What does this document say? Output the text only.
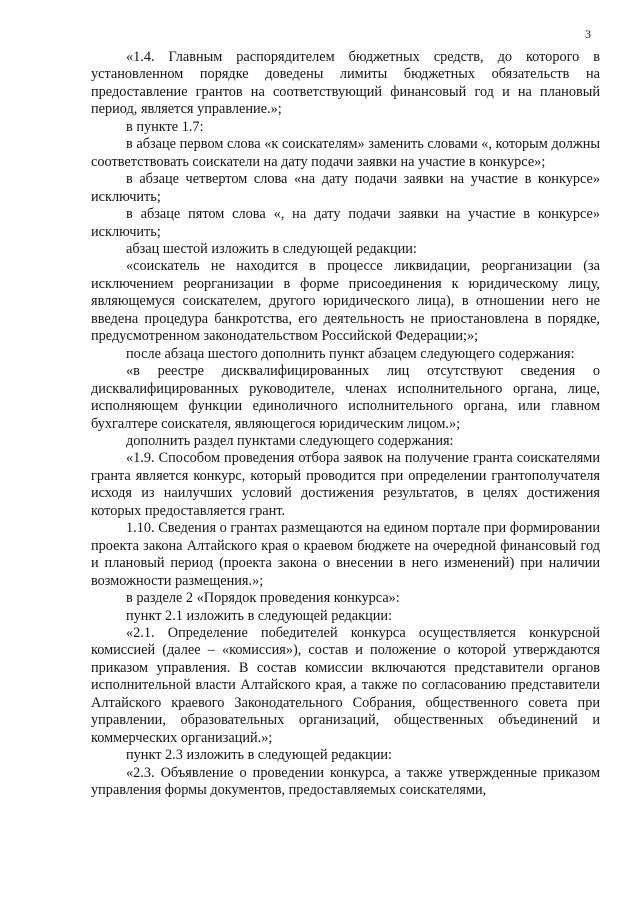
3

«1.4. Главным распорядителем бюджетных средств, до которого в установленном порядке доведены лимиты бюджетных обязательств на предоставление грантов на соответствующий финансовый год и на плановый период, является управление.»;

в пункте 1.7:

в абзаце первом слова «к соискателям» заменить словами «, которым должны соответствовать соискатели на дату подачи заявки на участие в конкурсе»;

в абзаце четвертом слова «на дату подачи заявки на участие в конкурсе» исключить;

в абзаце пятом слова «, на дату подачи заявки на участие в конкурсе» исключить;

абзац шестой изложить в следующей редакции:

«соискатель не находится в процессе ликвидации, реорганизации (за исключением реорганизации в форме присоединения к юридическому лицу, являющемуся соискателем, другого юридического лица), в отношении него не введена процедура банкротства, его деятельность не приостановлена в порядке, предусмотренном законодательством Российской Федерации;»;

после абзаца шестого дополнить пункт абзацем следующего содержания:

«в реестре дисквалифицированных лиц отсутствуют сведения о дисквалифицированных руководителе, членах исполнительного органа, лице, исполняющем функции единоличного исполнительного органа, или главном бухгалтере соискателя, являющегося юридическим лицом.»;

дополнить раздел пунктами следующего содержания:

«1.9. Способом проведения отбора заявок на получение гранта соискателями гранта является конкурс, который проводится при определении грантополучателя исходя из наилучших условий достижения результатов, в целях достижения которых предоставляется грант.

1.10. Сведения о грантах размещаются на едином портале при формировании проекта закона Алтайского края о краевом бюджете на очередной финансовый год и плановый период (проекта закона о внесении в него изменений) при наличии возможности размещения.»;

в разделе 2 «Порядок проведения конкурса»:

пункт 2.1 изложить в следующей редакции:

«2.1. Определение победителей конкурса осуществляется конкурсной комиссией (далее – «комиссия»), состав и положение о которой утверждаются приказом управления. В состав комиссии включаются представители органов исполнительной власти Алтайского края, а также по согласованию представители Алтайского краевого Законодательного Собрания, общественного совета при управлении, образовательных организаций, общественных объединений и коммерческих организаций.»;

пункт 2.3 изложить в следующей редакции:

«2.3. Объявление о проведении конкурса, а также утвержденные приказом управления формы документов, предоставляемых соискателями,
